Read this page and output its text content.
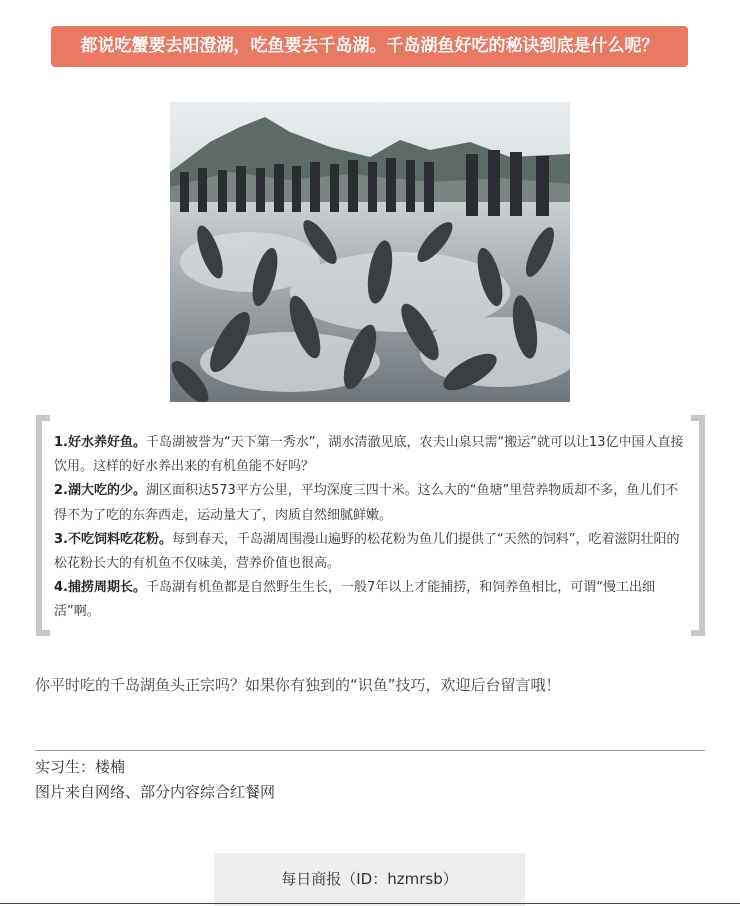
都说吃蟹要去阳澄湖，吃鱼要去千岛湖。千岛湖鱼好吃的秘诀到底是什么呢？

1.好水养好鱼。千岛湖被誉为“天下第一秀水”，湖水清澈见底，农夫山泉只需“搬运”就可以让13亿中国人直接饮用。这样的好水养出来的有机鱼能不好吗？

2.湖大吃的少。湖区面积达573平方公里，平均深度三四十米。这么大的“鱼塘”里营养物质却不多，鱼儿们不得不为了吃的东奔西走，运动量大了，肉质自然细腻鲜嫩。

3.不吃饲料吃花粉。每到春天，千岛湖周围漫山遍野的松花粉为鱼儿们提供了“天然的饲料”，吃着滋阴壮阳的松花粉长大的有机鱼不仅味美，营养价值也很高。

4.捕捞周期长。千岛湖有机鱼都是自然野生生长，一般7年以上才能捕捞，和饲养鱼相比，可谓“慢工出细活”啊。

你平时吃的千岛湖鱼头正宗吗？如果你有独到的“识鱼”技巧，欢迎后台留言哦！
实习生：楼楠
图片来自网络、部分内容综合红餐网
每日商报（ID：hzmrsb）
